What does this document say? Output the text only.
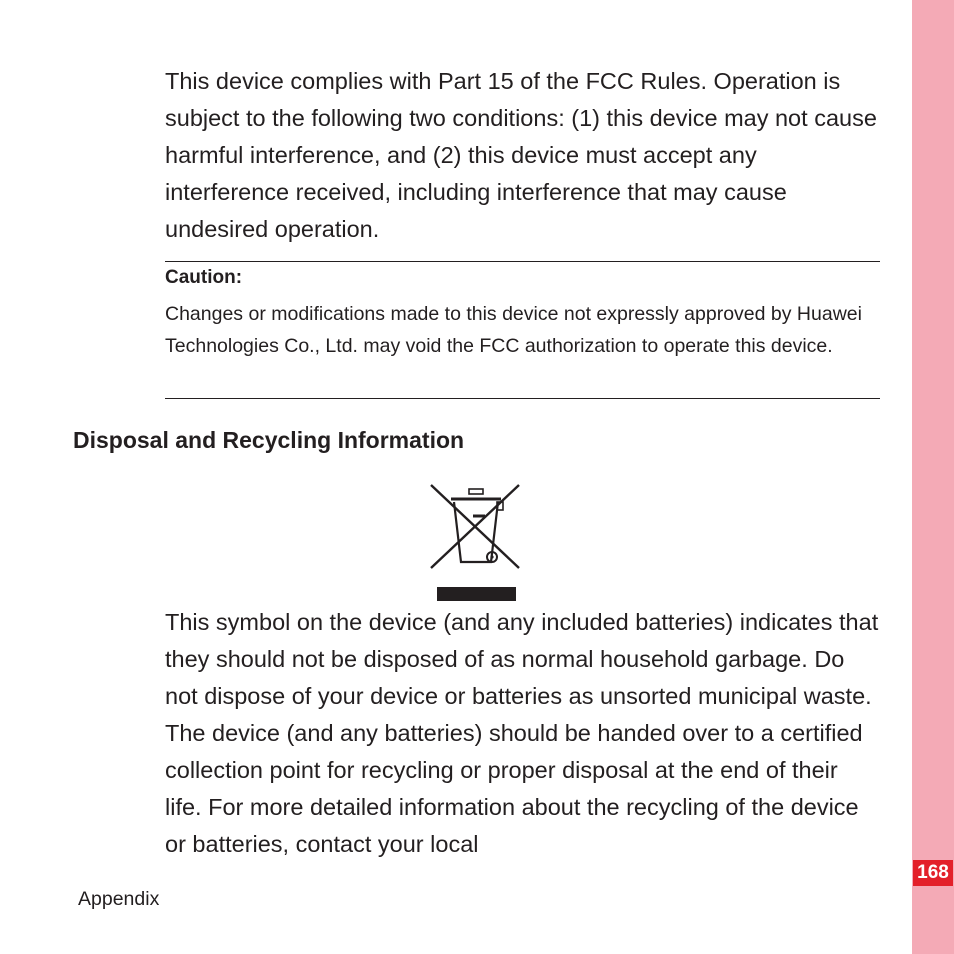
168

This device complies with Part 15 of the FCC Rules. Operation is subject to the following two conditions: (1) this device may not cause harmful interference, and (2) this device must accept any interference received, including interference that may cause undesired operation.

Caution:

Changes or modifications made to this device not expressly approved by Huawei Technologies Co., Ltd. may void the FCC authorization to operate this device.

Disposal and Recycling Information

This symbol on the device (and any included batteries) indicates that they should not be disposed of as normal household garbage. Do not dispose of your device or batteries as unsorted municipal waste. The device (and any batteries) should be handed over to a certified collection point for recycling or proper disposal at the end of their life. For more detailed information about the recycling of the device or batteries, contact your local

Appendix
